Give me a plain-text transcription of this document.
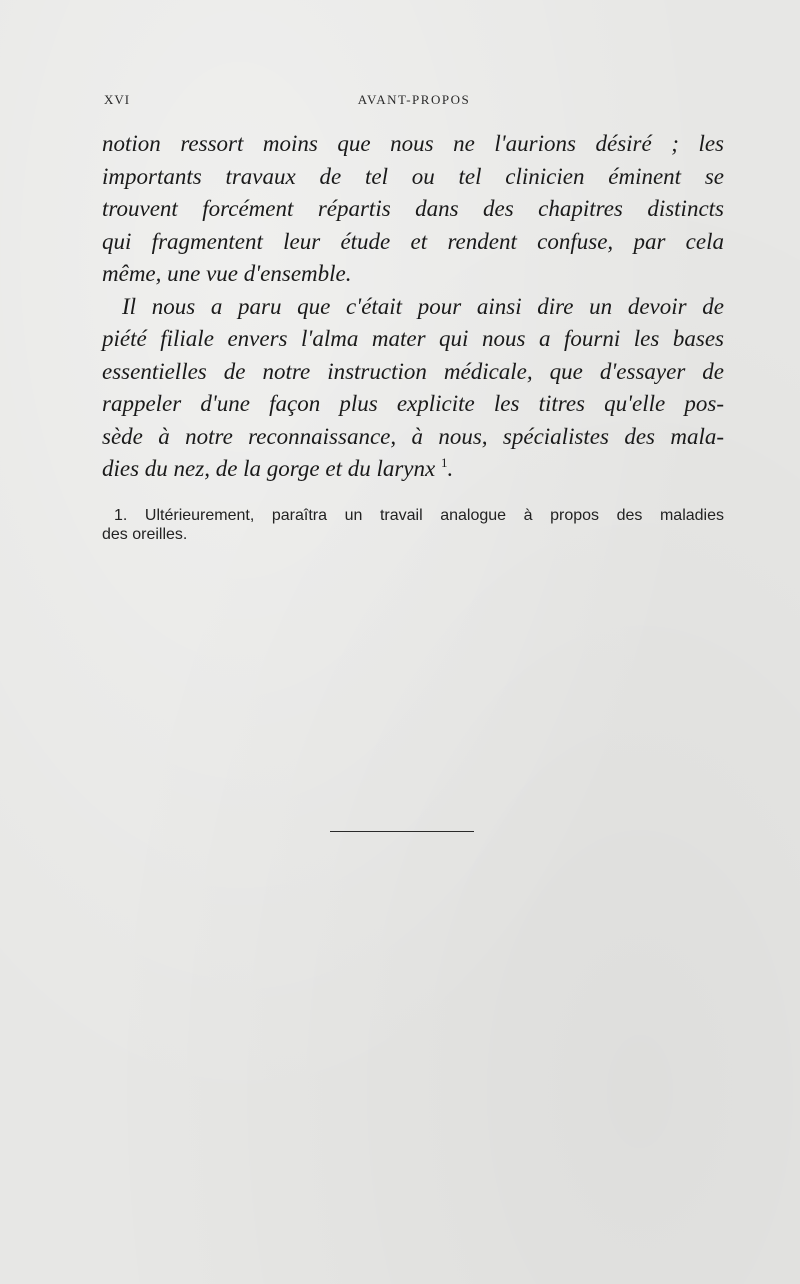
XVI	AVANT-PROPOS
notion ressort moins que nous ne l'aurions désiré ; les
importants travaux de tel ou tel clinicien éminent se
trouvent forcément répartis dans des chapitres distincts
qui fragmentent leur étude et rendent confuse, par cela
même, une vue d'ensemble.
Il nous a paru que c'était pour ainsi dire un devoir de
piété filiale envers l'alma mater qui nous a fourni les bases
essentielles de notre instruction médicale, que d'essayer de
rappeler d'une façon plus explicite les titres qu'elle pos-
sède à notre reconnaissance, à nous, spécialistes des mala-
dies du nez, de la gorge et du larynx $^1$.
1. Ultérieurement, paraîtra un travail analogue à propos des maladies
des oreilles.
